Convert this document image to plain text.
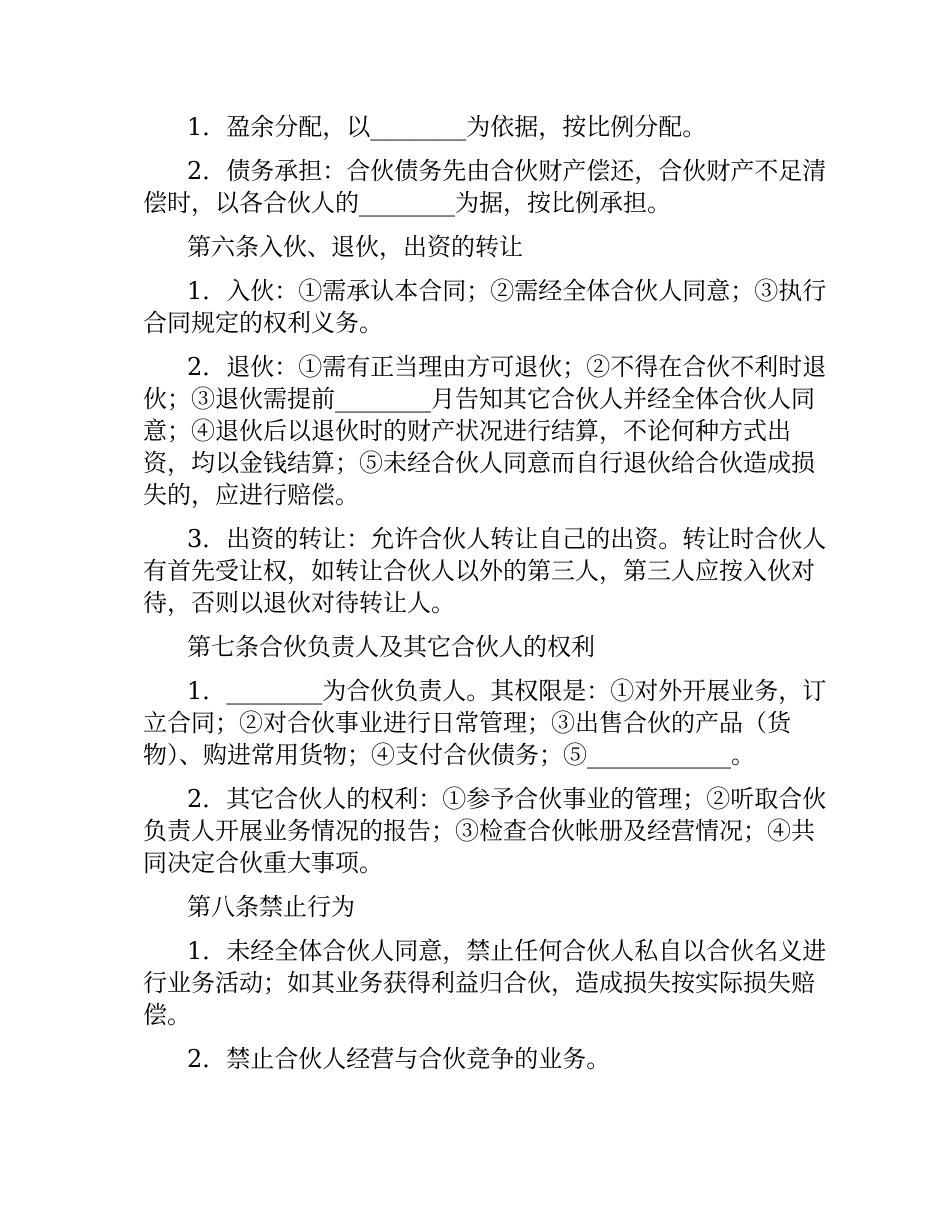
1．盈余分配，以________为依据，按比例分配。

2．债务承担：合伙债务先由合伙财产偿还，合伙财产不足清偿时，以各合伙人的________为据，按比例承担。

第六条入伙、退伙，出资的转让

1．入伙：①需承认本合同；②需经全体合伙人同意；③执行合同规定的权利义务。

2．退伙：①需有正当理由方可退伙；②不得在合伙不利时退伙；③退伙需提前________月告知其它合伙人并经全体合伙人同意；④退伙后以退伙时的财产状况进行结算，不论何种方式出资，均以金钱结算；⑤未经合伙人同意而自行退伙给合伙造成损失的，应进行赔偿。

3．出资的转让：允许合伙人转让自己的出资。转让时合伙人有首先受让权，如转让合伙人以外的第三人，第三人应按入伙对待，否则以退伙对待转让人。

第七条合伙负责人及其它合伙人的权利

1．________为合伙负责人。其权限是：①对外开展业务，订立合同；②对合伙事业进行日常管理；③出售合伙的产品（货物）、购进常用货物；④支付合伙债务；⑤____________。

2．其它合伙人的权利：①参予合伙事业的管理；②听取合伙负责人开展业务情况的报告；③检查合伙帐册及经营情况；④共同决定合伙重大事项。

第八条禁止行为

1．未经全体合伙人同意，禁止任何合伙人私自以合伙名义进行业务活动；如其业务获得利益归合伙，造成损失按实际损失赔偿。

2．禁止合伙人经营与合伙竞争的业务。
